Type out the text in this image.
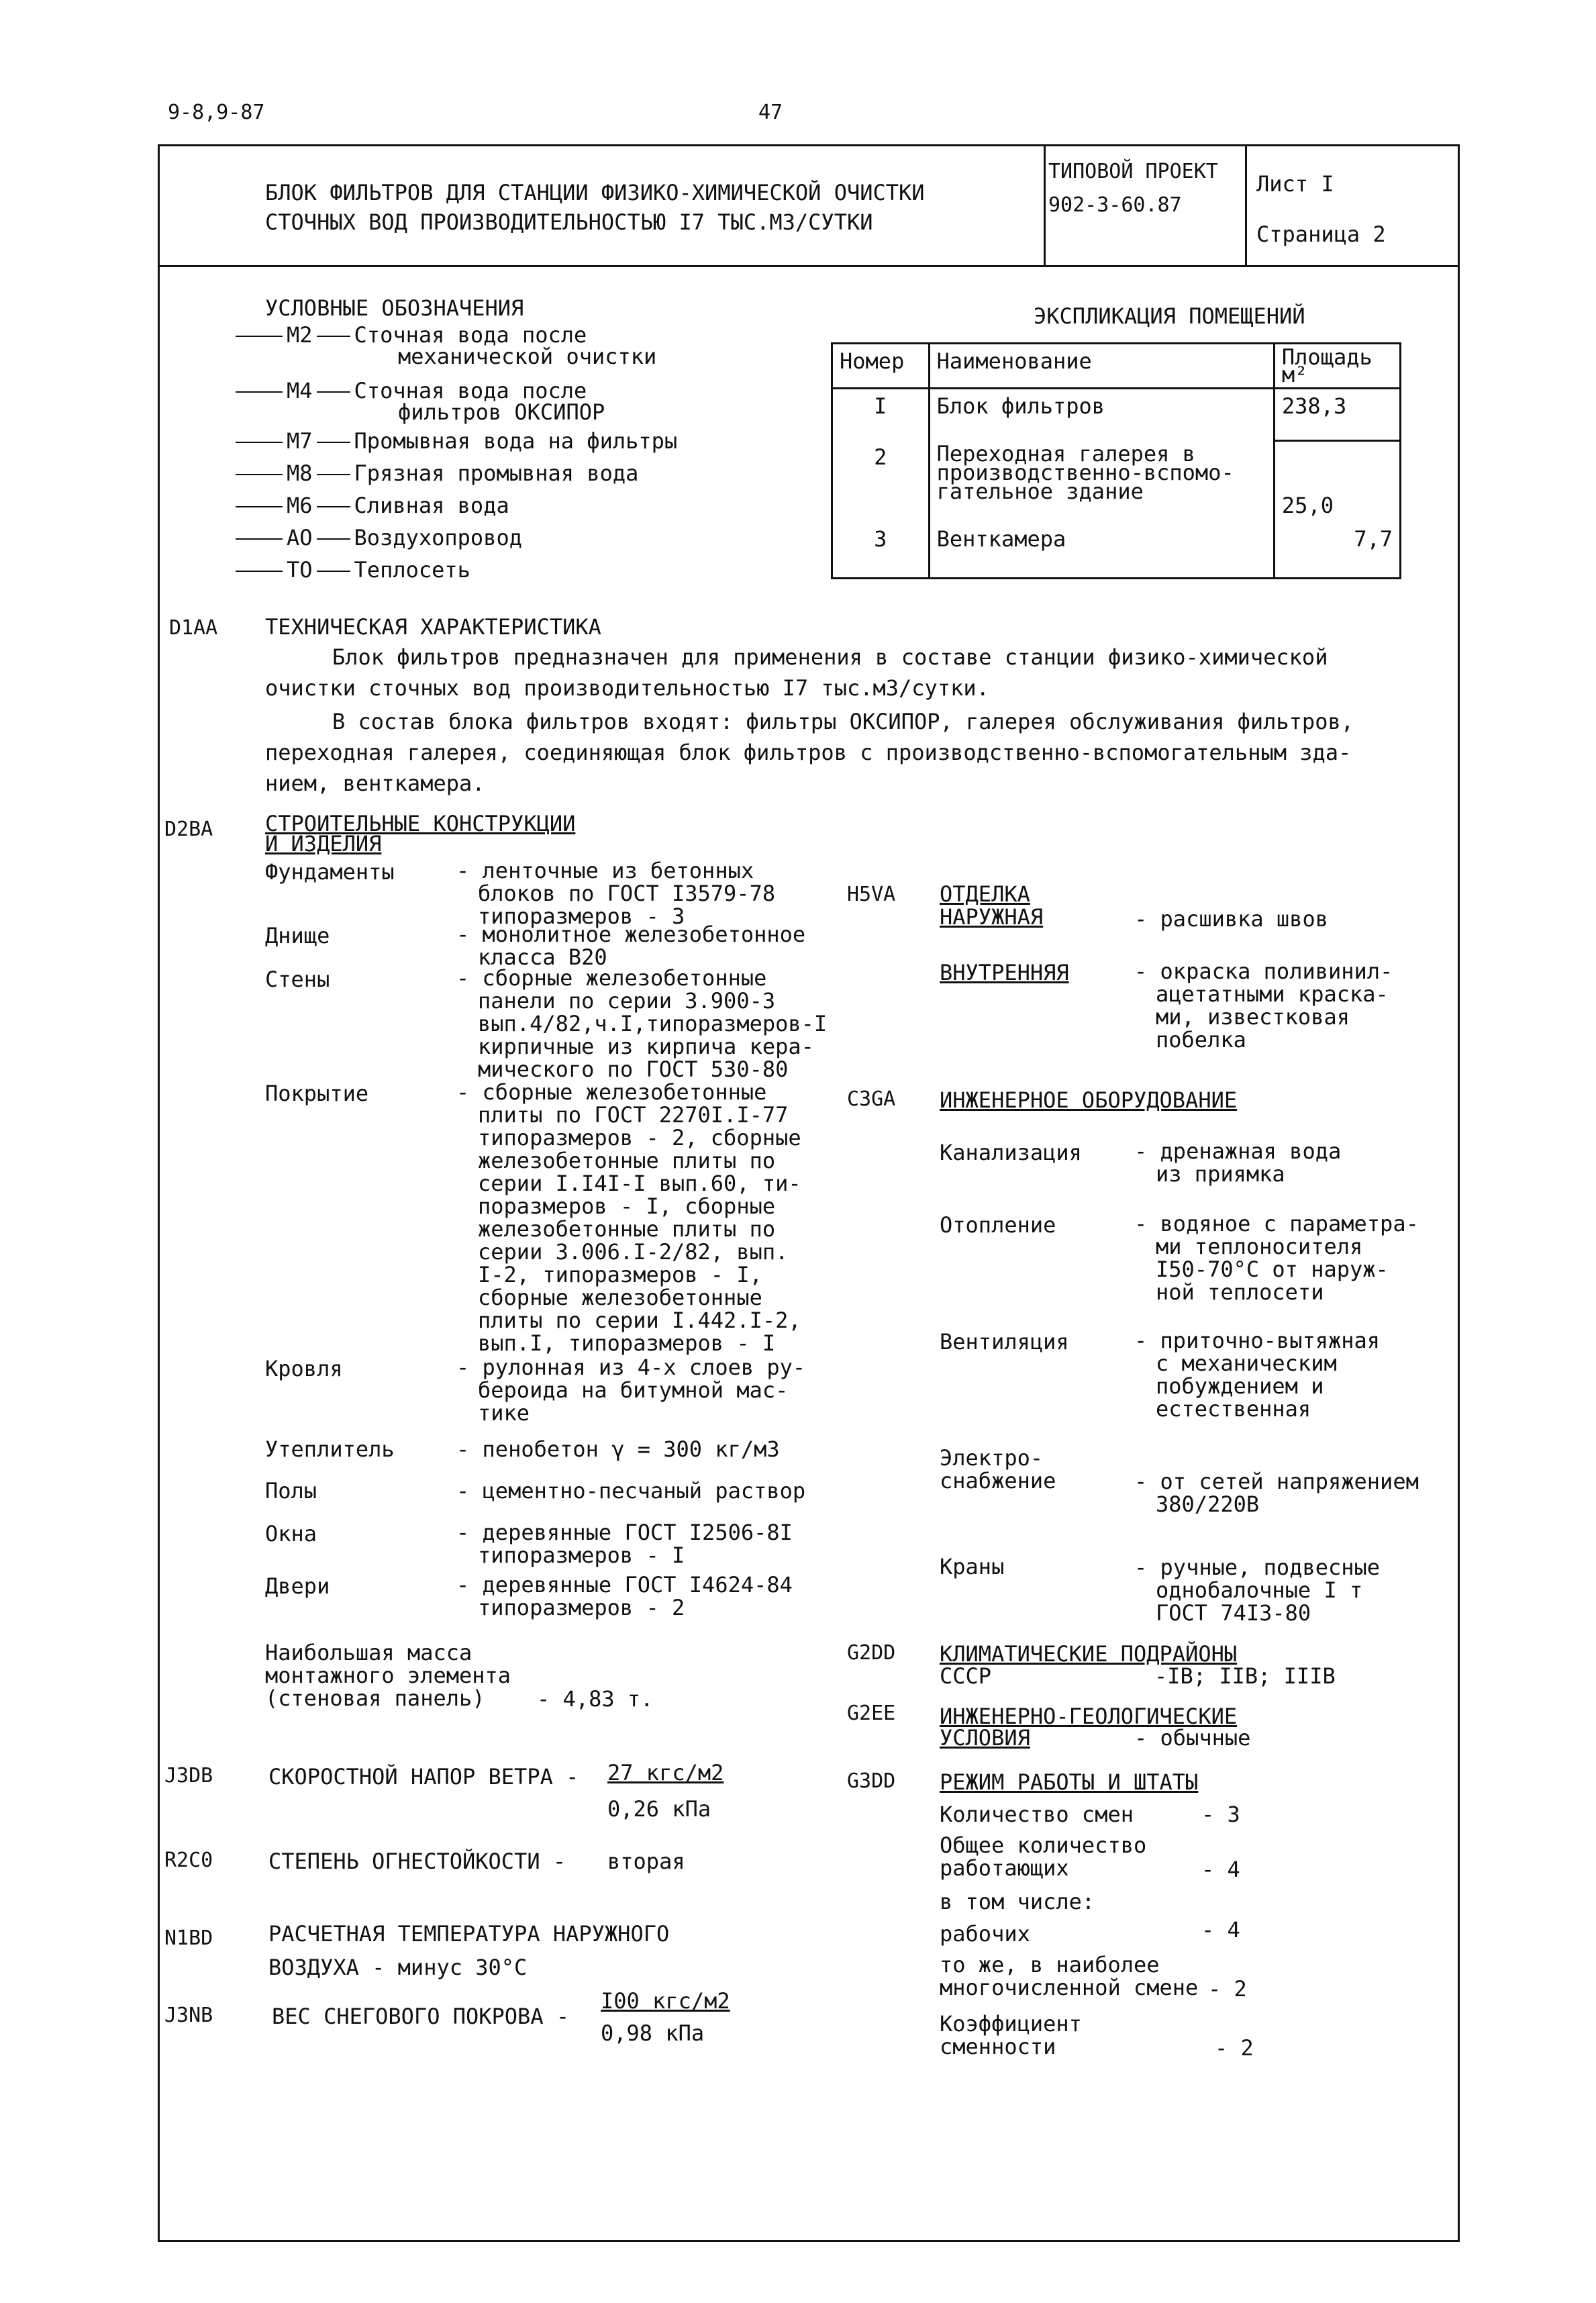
9-8,9-87	47
БЛОК ФИЛЬТРОВ ДЛЯ СТАНЦИИ ФИЗИКО-ХИМИЧЕСКОЙ ОЧИСТКИ
СТОЧНЫХ ВОД ПРОИЗВОДИТЕЛЬНОСТЬЮ I7 ТЫС.М3/СУТКИ
ТИПОВОЙ ПРОЕКТ
902-3-60.87
Лист I
Страница 2
УСЛОВНЫЕ ОБОЗНАЧЕНИЯ
М2 Сточная вода после
механической очистки
М4 Сточная вода после
фильтров ОКСИПОР
М7 Промывная вода на фильтры
М8 Грязная промывная вода
М6 Сливная вода
АО Воздухопровод
ТО Теплосеть
ЭКСПЛИКАЦИЯ ПОМЕЩЕНИЙ
Номер	Наименование	Площадь м²
I	Блок фильтров	238,3
2	Переходная галерея в производственно-вспомо-гательное здание	25,0
3	Венткамера	7,7
D1AA ТЕХНИЧЕСКАЯ ХАРАКТЕРИСТИКА
Блок фильтров предназначен для применения в составе станции физико-химической
очистки сточных вод производительностью I7 тыс.м3/сутки.
В состав блока фильтров входят: фильтры ОКСИПОР, галерея обслуживания фильтров,
переходная галерея, соединяющая блок фильтров с производственно-вспомогательным зда-
нием, венткамера.
D2BA СТРОИТЕЛЬНЫЕ КОНСТРУКЦИИ
И ИЗДЕЛИЯ
Фундаменты	- ленточные из бетонных
блоков по ГОСТ I3579-78
типоразмеров - 3
Днище	- монолитное железобетонное
класса В20
Стены	- сборные железобетонные
панели по серии 3.900-3
вып.4/82,ч.I,типоразмеров-I
кирпичные из кирпича кера-
мического по ГОСТ 530-80
Покрытие	- сборные железобетонные
плиты по ГОСТ 2270I.I-77
типоразмеров - 2, сборные
железобетонные плиты по
серии I.I4I-I вып.60, ти-
поразмеров - I, сборные
железобетонные плиты по
серии 3.006.I-2/82, вып.
I-2, типоразмеров - I,
сборные железобетонные
плиты по серии I.442.I-2,
вып.I, типоразмеров - I
Кровля	- рулонная из 4-х слоев ру-
бероида на битумной мас-
тике
Утеплитель	- пенобетон γ = 300 кг/м3
Полы	- цементно-песчаный раствор
Окна	- деревянные ГОСТ I2506-8I
типоразмеров - I
Двери	- деревянные ГОСТ I4624-84
типоразмеров - 2
Наибольшая масса
монтажного элемента
(стеновая панель)	- 4,83 т.
H5VA ОТДЕЛКА
НАРУЖНАЯ	- расшивка швов
ВНУТРЕННЯЯ	- окраска поливинил-
ацетатными краска-
ми, известковая
побелка
C3GA ИНЖЕНЕРНОЕ ОБОРУДОВАНИЕ
Канализация - дренажная вода
из приямка
Отопление	- водяное с параметра-
ми теплоносителя
I50-70°С от наруж-
ной теплосети
Вентиляция	- приточно-вытяжная
с механическим
побуждением и
естественная
Электро-
снабжение	- от сетей напряжением
380/220В
Краны	- ручные, подвесные
однобалочные I т
ГОСТ 74I3-80
G2DD КЛИМАТИЧЕСКИЕ ПОДРАЙОНЫ
СССР	-IВ; IIВ; IIIВ
G2EE ИНЖЕНЕРНО-ГЕОЛОГИЧЕСКИЕ
УСЛОВИЯ	- обычные
J3DB	СКОРОСТНОЙ НАПОР ВЕТРА - 27 кгс/м2
0,26 кПа
R2C0	СТЕПЕНЬ ОГНЕСТОЙКОСТИ - вторая
N1BD	РАСЧЕТНАЯ ТЕМПЕРАТУРА НАРУЖНОГО
ВОЗДУХА - минус 30°С
J3NB	ВЕС СНЕГОВОГО ПОКРОВА -
I00 кгс/м2
0,98 кПа
G3DD РЕЖИМ РАБОТЫ И ШТАТЫ
Количество смен	- 3
Общее количество
работающих	- 4
в том числе:
рабочих	- 4
то же, в наиболее
многочисленной смене - 2
Коэффициент
сменности	- 2
